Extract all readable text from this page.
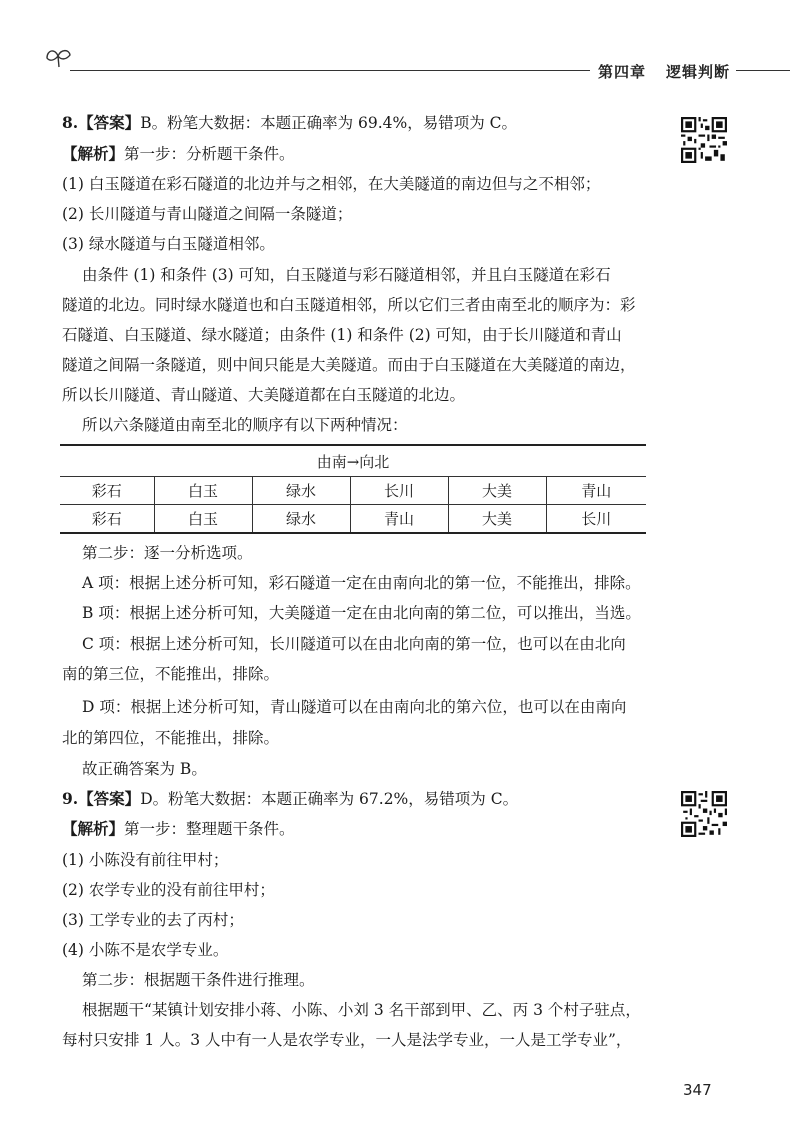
第四章 逻辑判断
8.【答案】B。粉笔大数据：本题正确率为 69.4%，易错项为 C。
【解析】第一步：分析题干条件。
(1) 白玉隧道在彩石隧道的北边并与之相邻，在大美隧道的南边但与之不相邻；
(2) 长川隧道与青山隧道之间隔一条隧道；
(3) 绿水隧道与白玉隧道相邻。
由条件 (1) 和条件 (3) 可知，白玉隧道与彩石隧道相邻，并且白玉隧道在彩石
隧道的北边。同时绿水隧道也和白玉隧道相邻，所以它们三者由南至北的顺序为：彩
石隧道、白玉隧道、绿水隧道；由条件 (1) 和条件 (2) 可知，由于长川隧道和青山
隧道之间隔一条隧道，则中间只能是大美隧道。而由于白玉隧道在大美隧道的南边，
所以长川隧道、青山隧道、大美隧道都在白玉隧道的北边。
所以六条隧道由南至北的顺序有以下两种情况：
由南→向北					
彩石	白玉	绿水	长川	大美	青山
彩石	白玉	绿水	青山	大美	长川
第二步：逐一分析选项。
A 项：根据上述分析可知，彩石隧道一定在由南向北的第一位，不能推出，排除。
B 项：根据上述分析可知，大美隧道一定在由北向南的第二位，可以推出，当选。
C 项：根据上述分析可知，长川隧道可以在由北向南的第一位，也可以在由北向
南的第三位，不能推出，排除。
D 项：根据上述分析可知，青山隧道可以在由南向北的第六位，也可以在由南向
北的第四位，不能推出，排除。
故正确答案为 B。
9.【答案】D。粉笔大数据：本题正确率为 67.2%，易错项为 C。
【解析】第一步：整理题干条件。
(1) 小陈没有前往甲村；
(2) 农学专业的没有前往甲村；
(3) 工学专业的去了丙村；
(4) 小陈不是农学专业。
第二步：根据题干条件进行推理。
根据题干“某镇计划安排小蒋、小陈、小刘 3 名干部到甲、乙、丙 3 个村子驻点，
每村只安排 1 人。3 人中有一人是农学专业，一人是法学专业，一人是工学专业”，
347
